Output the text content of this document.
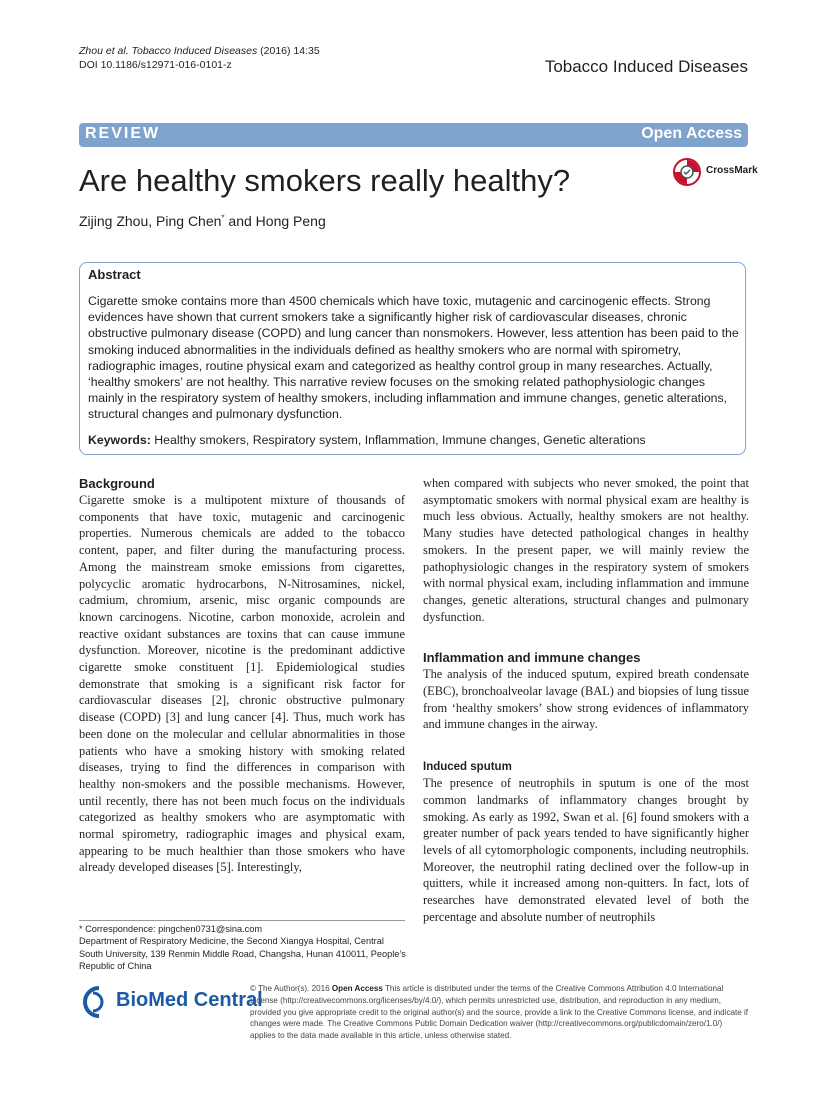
Zhou et al. Tobacco Induced Diseases (2016) 14:35
DOI 10.1186/s12971-016-0101-z	Tobacco Induced Diseases
REVIEW	Open Access
Are healthy smokers really healthy?	CrossMark
Zijing Zhou, Ping Chen* and Hong Peng
Abstract
Cigarette smoke contains more than 4500 chemicals which have toxic, mutagenic and carcinogenic effects. Strong evidences have shown that current smokers take a significantly higher risk of cardiovascular diseases, chronic obstructive pulmonary disease (COPD) and lung cancer than nonsmokers. However, less attention has been paid to the smoking induced abnormalities in the individuals defined as healthy smokers who are normal with spirometry, radiographic images, routine physical exam and categorized as healthy control group in many researches. Actually, ‘healthy smokers’ are not healthy. This narrative review focuses on the smoking related pathophysiologic changes mainly in the respiratory system of healthy smokers, including inflammation and immune changes, genetic alterations, structural changes and pulmonary dysfunction.
Keywords: Healthy smokers, Respiratory system, Inflammation, Immune changes, Genetic alterations
Background

Cigarette smoke is a multipotent mixture of thousands of components that have toxic, mutagenic and carcinogenic properties. Numerous chemicals are added to the tobacco content, paper, and filter during the manufacturing process. Among the mainstream smoke emissions from cigarettes, polycyclic aromatic hydrocarbons, N-Nitrosamines, nickel, cadmium, chromium, arsenic, misc organic compounds are known carcinogens. Nicotine, carbon monoxide, acrolein and reactive oxidant substances are toxins that can cause immune dysfunction. Moreover, nicotine is the predominant addictive cigarette smoke constituent [1]. Epidemiological studies demonstrate that smoking is a significant risk factor for cardiovascular diseases [2], chronic obstructive pulmonary disease (COPD) [3] and lung cancer [4]. Thus, much work has been done on the molecular and cellular abnormalities in those patients who have a smoking history with smoking related diseases, trying to find the differences in comparison with healthy non-smokers and the possible mechanisms. However, until recently, there has not been much focus on the individuals categorized as healthy smokers who are asymptomatic with normal spirometry, radiographic images and physical exam, appearing to be much healthier than those smokers who have already developed diseases [5]. Interestingly,

when compared with subjects who never smoked, the point that asymptomatic smokers with normal physical exam are healthy is much less obvious. Actually, healthy smokers are not healthy. Many studies have detected pathological changes in healthy smokers. In the present paper, we will mainly review the pathophysiologic changes in the respiratory system of smokers with normal physical exam, including inflammation and immune changes, genetic alterations, structural changes and pulmonary dysfunction.

Inflammation and immune changes

The analysis of the induced sputum, expired breath condensate (EBC), bronchoalveolar lavage (BAL) and biopsies of lung tissue from ‘healthy smokers’ show strong evidences of inflammatory and immune changes in the airway.

Induced sputum

The presence of neutrophils in sputum is one of the most common landmarks of inflammatory changes brought by smoking. As early as 1992, Swan et al. [6] found smokers with a greater number of pack years tended to have significantly higher levels of all cytomorphologic components, including neutrophils. Moreover, the neutrophil rating declined over the follow-up in quitters, while it increased among non-quitters. In fact, lots of researches have demonstrated elevated level of both the percentage and absolute number of neutrophils

* Correspondence: pingchen0731@sina.com
Department of Respiratory Medicine, the Second Xiangya Hospital, Central South University, 139 Renmin Middle Road, Changsha, Hunan 410011, People’s Republic of China
BioMed Central
© The Author(s). 2016 Open Access This article is distributed under the terms of the Creative Commons Attribution 4.0 International License (http://creativecommons.org/licenses/by/4.0/), which permits unrestricted use, distribution, and reproduction in any medium, provided you give appropriate credit to the original author(s) and the source, provide a link to the Creative Commons license, and indicate if changes were made. The Creative Commons Public Domain Dedication waiver (http://creativecommons.org/publicdomain/zero/1.0/) applies to the data made available in this article, unless otherwise stated.
